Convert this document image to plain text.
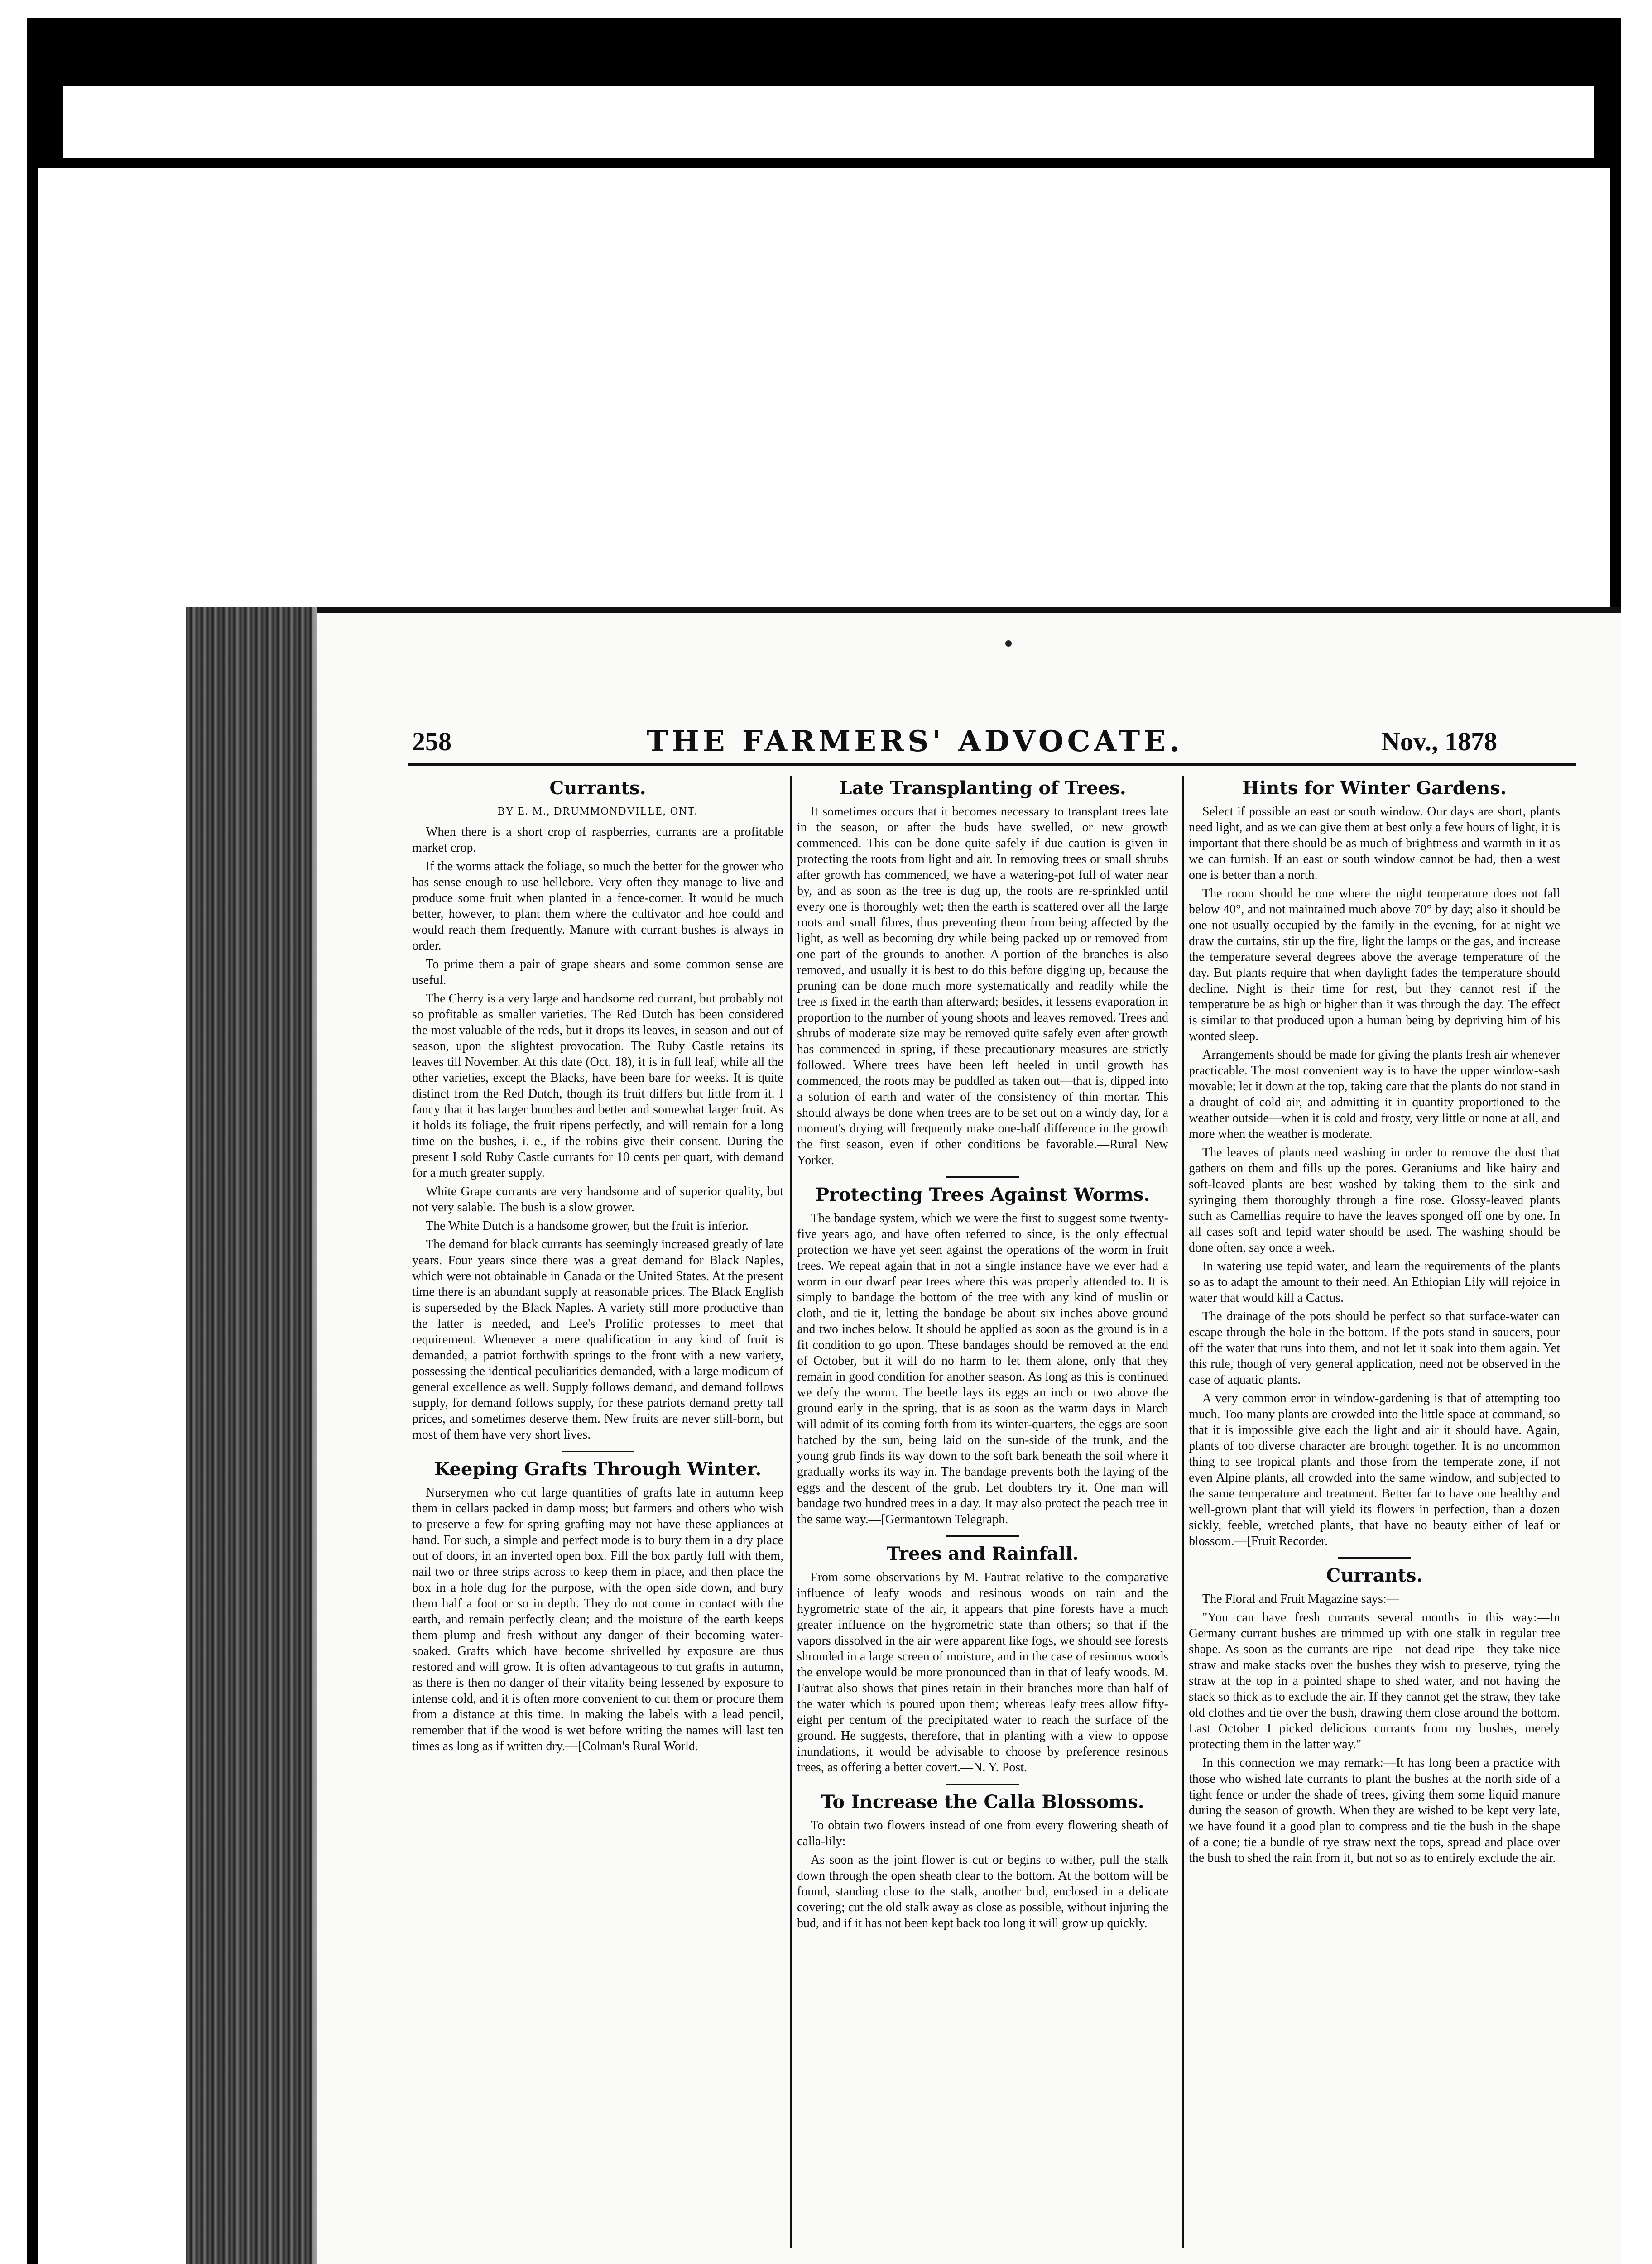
258	THE FARMERS' ADVOCATE.	Nov., 1878
Currants.
BY E. M., DRUMMONDVILLE, ONT.

When there is a short crop of raspberries, currants are a profitable market crop.

If the worms attack the foliage, so much the better for the grower who has sense enough to use hellebore. Very often they manage to live and produce some fruit when planted in a fence-corner. It would be much better, however, to plant them where the cultivator and hoe could and would reach them frequently. Manure with currant bushes is always in order.

To prime them a pair of grape shears and some common sense are useful.

The Cherry is a very large and handsome red currant, but probably not so profitable as smaller varieties. The Red Dutch has been considered the most valuable of the reds, but it drops its leaves, in season and out of season, upon the slightest provocation. The Ruby Castle retains its leaves till November. At this date (Oct. 18), it is in full leaf, while all the other varieties, except the Blacks, have been bare for weeks. It is quite distinct from the Red Dutch, though its fruit differs but little from it. I fancy that it has larger bunches and better and somewhat larger fruit. As it holds its foliage, the fruit ripens perfectly, and will remain for a long time on the bushes, i. e., if the robins give their consent. During the present I sold Ruby Castle currants for 10 cents per quart, with demand for a much greater supply.

White Grape currants are very handsome and of superior quality, but not very salable. The bush is a slow grower.

The White Dutch is a handsome grower, but the fruit is inferior.

The demand for black currants has seemingly increased greatly of late years. Four years since there was a great demand for Black Naples, which were not obtainable in Canada or the United States. At the present time there is an abundant supply at reasonable prices. The Black English is superseded by the Black Naples. A variety still more productive than the latter is needed, and Lee's Prolific professes to meet that requirement. Whenever a mere qualification in any kind of fruit is demanded, a patriot forthwith springs to the front with a new variety, possessing the identical peculiarities demanded, with a large modicum of general excellence as well. Supply follows demand, and demand follows supply, for demand follows supply, for these patriots demand pretty tall prices, and sometimes deserve them. New fruits are never still-born, but most of them have very short lives.

Keeping Grafts Through Winter.

Nurserymen who cut large quantities of grafts late in autumn keep them in cellars packed in damp moss; but farmers and others who wish to preserve a few for spring grafting may not have these appliances at hand. For such, a simple and perfect mode is to bury them in a dry place out of doors, in an inverted open box. Fill the box partly full with them, nail two or three strips across to keep them in place, and then place the box in a hole dug for the purpose, with the open side down, and bury them half a foot or so in depth. They do not come in contact with the earth, and remain perfectly clean; and the moisture of the earth keeps them plump and fresh without any danger of their becoming water-soaked. Grafts which have become shrivelled by exposure are thus restored and will grow. It is often advantageous to cut grafts in autumn, as there is then no danger of their vitality being lessened by exposure to intense cold, and it is often more convenient to cut them or procure them from a distance at this time. In making the labels with a lead pencil, remember that if the wood is wet before writing the names will last ten times as long as if written dry.—[Colman's Rural World.

Late Transplanting of Trees.

It sometimes occurs that it becomes necessary to transplant trees late in the season, or after the buds have swelled, or new growth commenced. This can be done quite safely if due caution is given in protecting the roots from light and air. In removing trees or small shrubs after growth has commenced, we have a watering-pot full of water near by, and as soon as the tree is dug up, the roots are re-sprinkled until every one is thoroughly wet; then the earth is scattered over all the large roots and small fibres, thus preventing them from being affected by the light, as well as becoming dry while being packed up or removed from one part of the grounds to another. A portion of the branches is also removed, and usually it is best to do this before digging up, because the pruning can be done much more systematically and readily while the tree is fixed in the earth than afterward; besides, it lessens evaporation in proportion to the number of young shoots and leaves removed. Trees and shrubs of moderate size may be removed quite safely even after growth has commenced in spring, if these precautionary measures are strictly followed. Where trees have been left heeled in until growth has commenced, the roots may be puddled as taken out—that is, dipped into a solution of earth and water of the consistency of thin mortar. This should always be done when trees are to be set out on a windy day, for a moment's drying will frequently make one-half difference in the growth the first season, even if other conditions be favorable.—Rural New Yorker.

Protecting Trees Against Worms.

The bandage system, which we were the first to suggest some twenty-five years ago, and have often referred to since, is the only effectual protection we have yet seen against the operations of the worm in fruit trees. We repeat again that in not a single instance have we ever had a worm in our dwarf pear trees where this was properly attended to. It is simply to bandage the bottom of the tree with any kind of muslin or cloth, and tie it, letting the bandage be about six inches above ground and two inches below. It should be applied as soon as the ground is in a fit condition to go upon. These bandages should be removed at the end of October, but it will do no harm to let them alone, only that they remain in good condition for another season. As long as this is continued we defy the worm. The beetle lays its eggs an inch or two above the ground early in the spring, that is as soon as the warm days in March will admit of its coming forth from its winter-quarters, the eggs are soon hatched by the sun, being laid on the sun-side of the trunk, and the young grub finds its way down to the soft bark beneath the soil where it gradually works its way in. The bandage prevents both the laying of the eggs and the descent of the grub. Let doubters try it. One man will bandage two hundred trees in a day. It may also protect the peach tree in the same way.—[Germantown Telegraph.

Trees and Rainfall.

From some observations by M. Fautrat relative to the comparative influence of leafy woods and resinous woods on rain and the hygrometric state of the air, it appears that pine forests have a much greater influence on the hygrometric state than others; so that if the vapors dissolved in the air were apparent like fogs, we should see forests shrouded in a large screen of moisture, and in the case of resinous woods the envelope would be more pronounced than in that of leafy woods. M. Fautrat also shows that pines retain in their branches more than half of the water which is poured upon them; whereas leafy trees allow fifty-eight per centum of the precipitated water to reach the surface of the ground. He suggests, therefore, that in planting with a view to oppose inundations, it would be advisable to choose by preference resinous trees, as offering a better covert.—N. Y. Post.

To Increase the Calla Blossoms.

To obtain two flowers instead of one from every flowering sheath of calla-lily:

As soon as the joint flower is cut or begins to wither, pull the stalk down through the open sheath clear to the bottom. At the bottom will be found, standing close to the stalk, another bud, enclosed in a delicate covering; cut the old stalk away as close as possible, without injuring the bud, and if it has not been kept back too long it will grow up quickly.

Hints for Winter Gardens.

Select if possible an east or south window. Our days are short, plants need light, and as we can give them at best only a few hours of light, it is important that there should be as much of brightness and warmth in it as we can furnish. If an east or south window cannot be had, then a west one is better than a north.

The room should be one where the night temperature does not fall below 40°, and not maintained much above 70° by day; also it should be one not usually occupied by the family in the evening, for at night we draw the curtains, stir up the fire, light the lamps or the gas, and increase the temperature several degrees above the average temperature of the day. But plants require that when daylight fades the temperature should decline. Night is their time for rest, but they cannot rest if the temperature be as high or higher than it was through the day. The effect is similar to that produced upon a human being by depriving him of his wonted sleep.

Arrangements should be made for giving the plants fresh air whenever practicable. The most convenient way is to have the upper window-sash movable; let it down at the top, taking care that the plants do not stand in a draught of cold air, and admitting it in quantity proportioned to the weather outside—when it is cold and frosty, very little or none at all, and more when the weather is moderate.

The leaves of plants need washing in order to remove the dust that gathers on them and fills up the pores. Geraniums and like hairy and soft-leaved plants are best washed by taking them to the sink and syringing them thoroughly through a fine rose. Glossy-leaved plants such as Camellias require to have the leaves sponged off one by one. In all cases soft and tepid water should be used. The washing should be done often, say once a week.

In watering use tepid water, and learn the requirements of the plants so as to adapt the amount to their need. An Ethiopian Lily will rejoice in water that would kill a Cactus.

The drainage of the pots should be perfect so that surface-water can escape through the hole in the bottom. If the pots stand in saucers, pour off the water that runs into them, and not let it soak into them again. Yet this rule, though of very general application, need not be observed in the case of aquatic plants.

A very common error in window-gardening is that of attempting too much. Too many plants are crowded into the little space at command, so that it is impossible give each the light and air it should have. Again, plants of too diverse character are brought together. It is no uncommon thing to see tropical plants and those from the temperate zone, if not even Alpine plants, all crowded into the same window, and subjected to the same temperature and treatment. Better far to have one healthy and well-grown plant that will yield its flowers in perfection, than a dozen sickly, feeble, wretched plants, that have no beauty either of leaf or blossom.—[Fruit Recorder.

Currants.

The Floral and Fruit Magazine says:—

"You can have fresh currants several months in this way:—In Germany currant bushes are trimmed up with one stalk in regular tree shape. As soon as the currants are ripe—not dead ripe—they take nice straw and make stacks over the bushes they wish to preserve, tying the straw at the top in a pointed shape to shed water, and not having the stack so thick as to exclude the air. If they cannot get the straw, they take old clothes and tie over the bush, drawing them close around the bottom. Last October I picked delicious currants from my bushes, merely protecting them in the latter way."

In this connection we may remark:—It has long been a practice with those who wished late currants to plant the bushes at the north side of a tight fence or under the shade of trees, giving them some liquid manure during the season of growth. When they are wished to be kept very late, we have found it a good plan to compress and tie the bush in the shape of a cone; tie a bundle of rye straw next the tops, spread and place over the bush to shed the rain from it, but not so as to entirely exclude the air.
